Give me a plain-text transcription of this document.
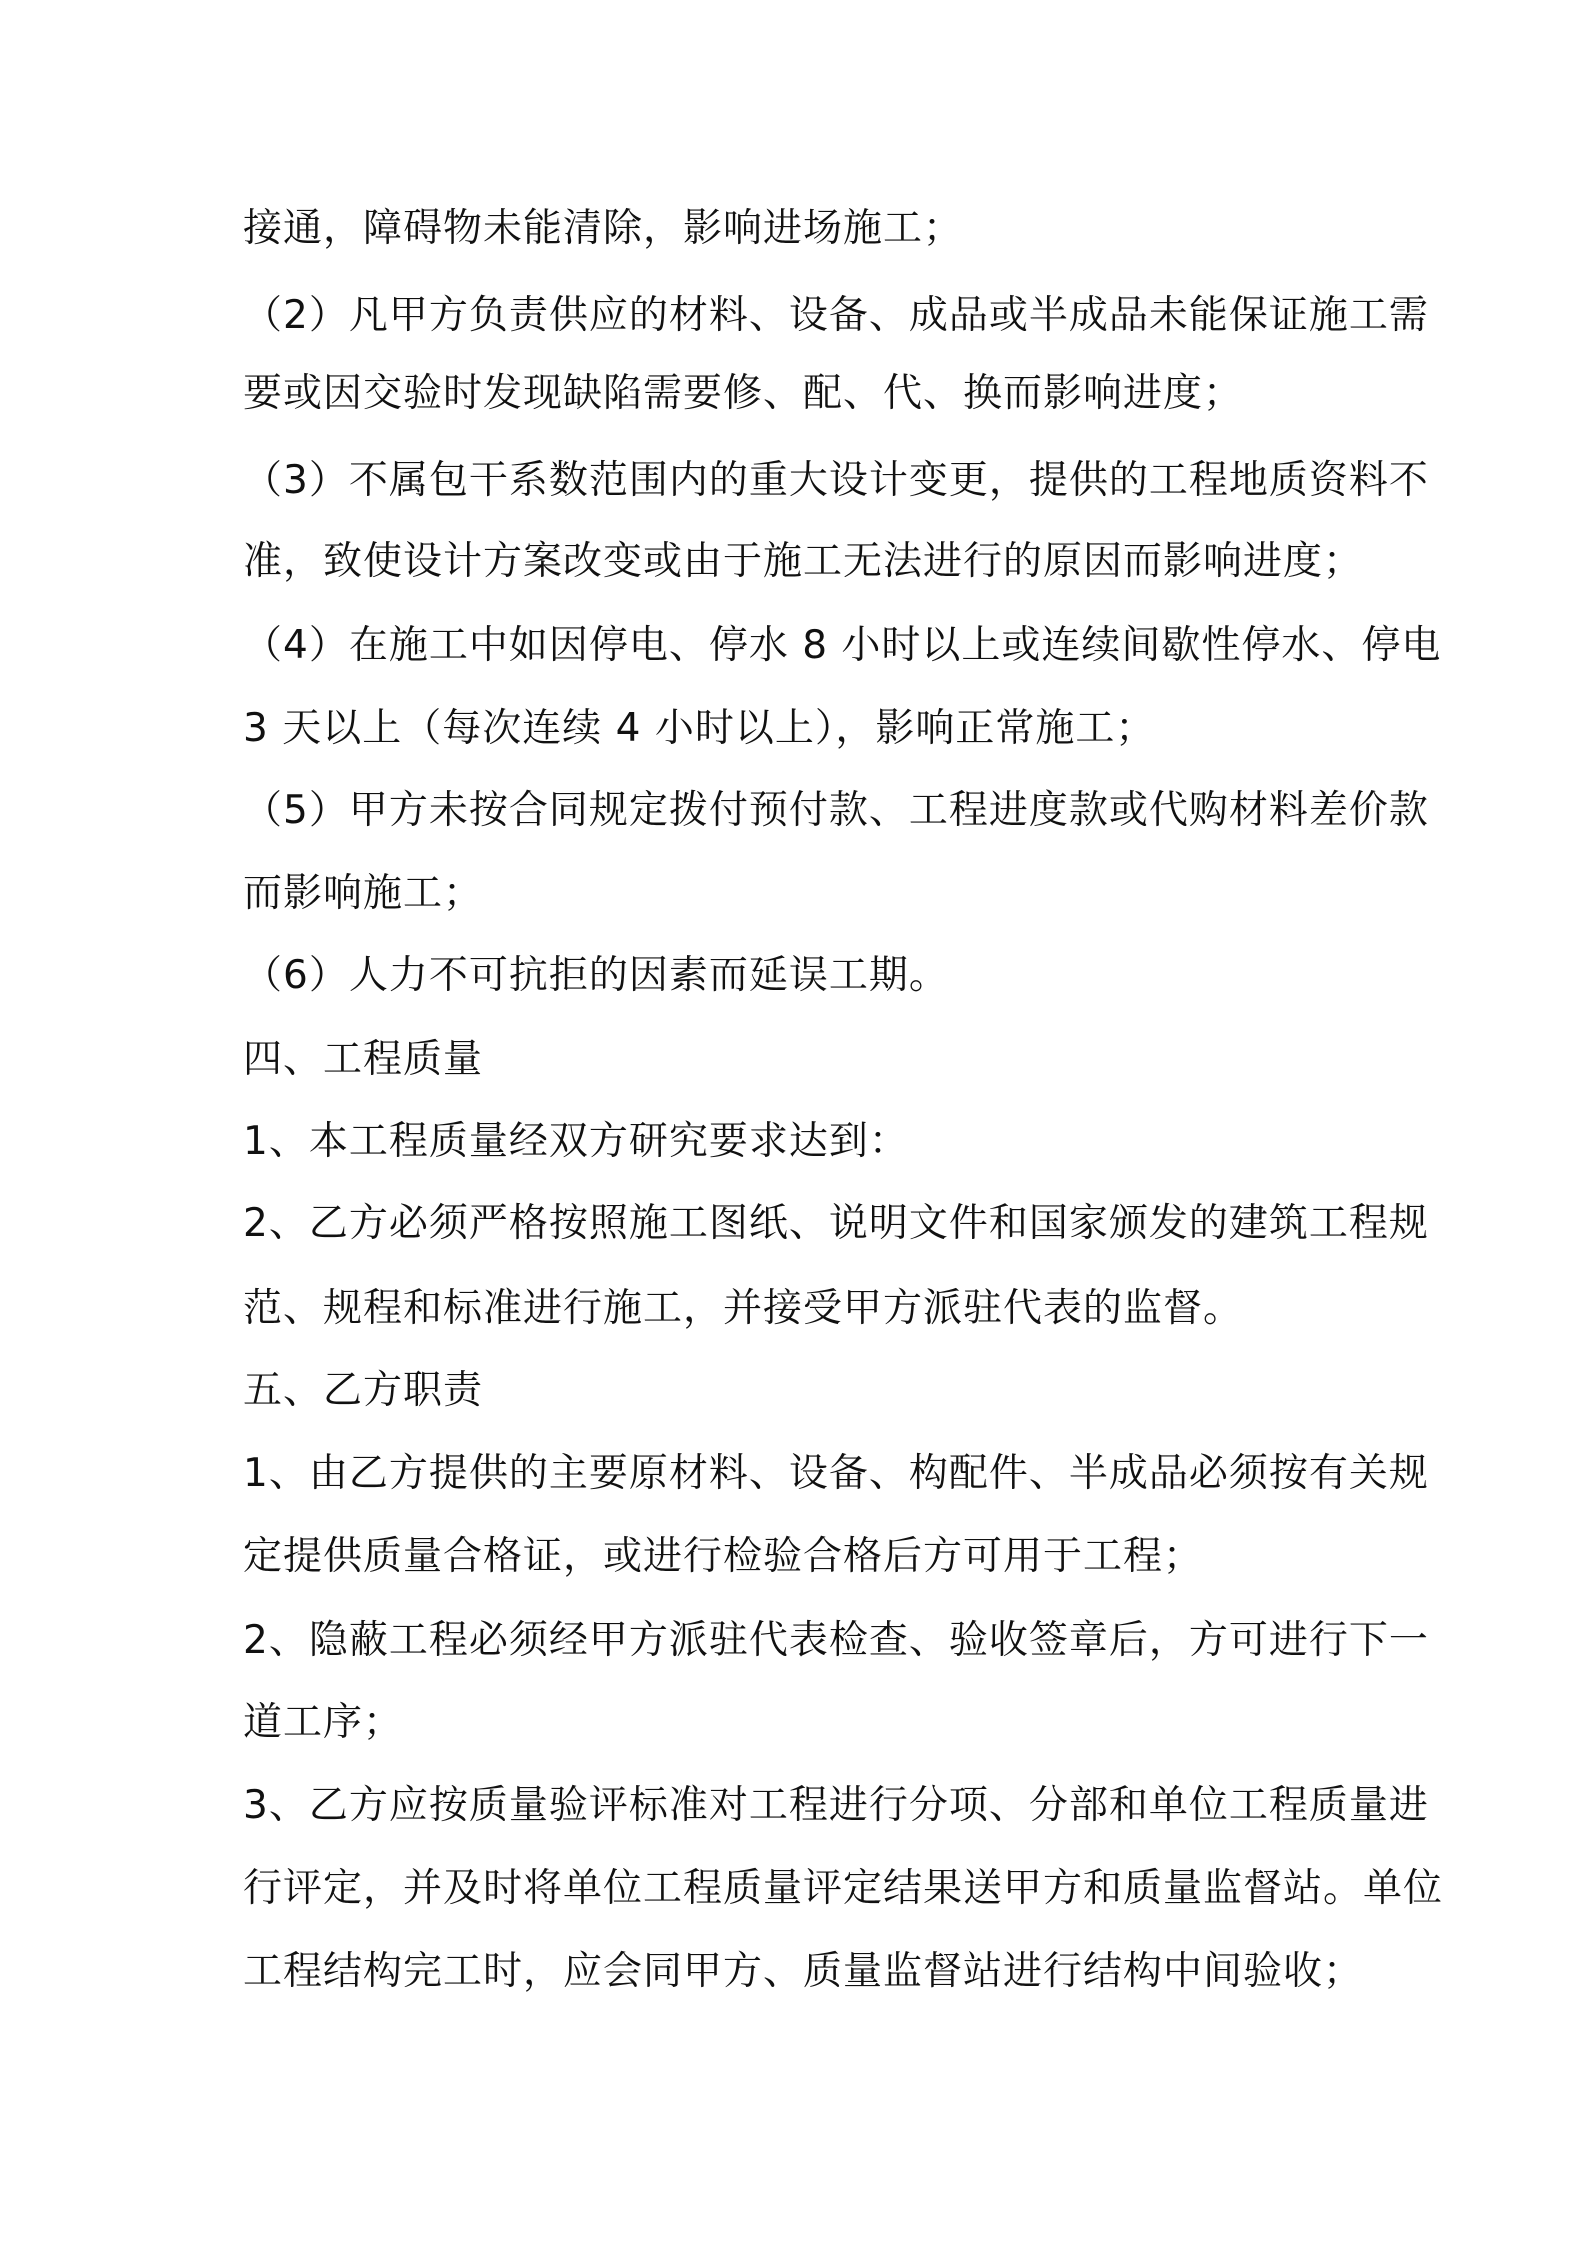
接通，障碍物未能清除，影响进场施工；
（2）凡甲方负责供应的材料、设备、成品或半成品未能保证施工需
要或因交验时发现缺陷需要修、配、代、换而影响进度；
（3）不属包干系数范围内的重大设计变更，提供的工程地质资料不
准，致使设计方案改变或由于施工无法进行的原因而影响进度；
（4）在施工中如因停电、停水 8 小时以上或连续间歇性停水、停电
3 天以上（每次连续 4 小时以上），影响正常施工；
（5）甲方未按合同规定拨付预付款、工程进度款或代购材料差价款
而影响施工；
（6）人力不可抗拒的因素而延误工期。
四、工程质量
1、本工程质量经双方研究要求达到：
2、乙方必须严格按照施工图纸、说明文件和国家颁发的建筑工程规
范、规程和标准进行施工，并接受甲方派驻代表的监督。
五、乙方职责
1、由乙方提供的主要原材料、设备、构配件、半成品必须按有关规
定提供质量合格证，或进行检验合格后方可用于工程；
2、隐蔽工程必须经甲方派驻代表检查、验收签章后，方可进行下一
道工序；
3、乙方应按质量验评标准对工程进行分项、分部和单位工程质量进
行评定，并及时将单位工程质量评定结果送甲方和质量监督站。单位
工程结构完工时，应会同甲方、质量监督站进行结构中间验收；
